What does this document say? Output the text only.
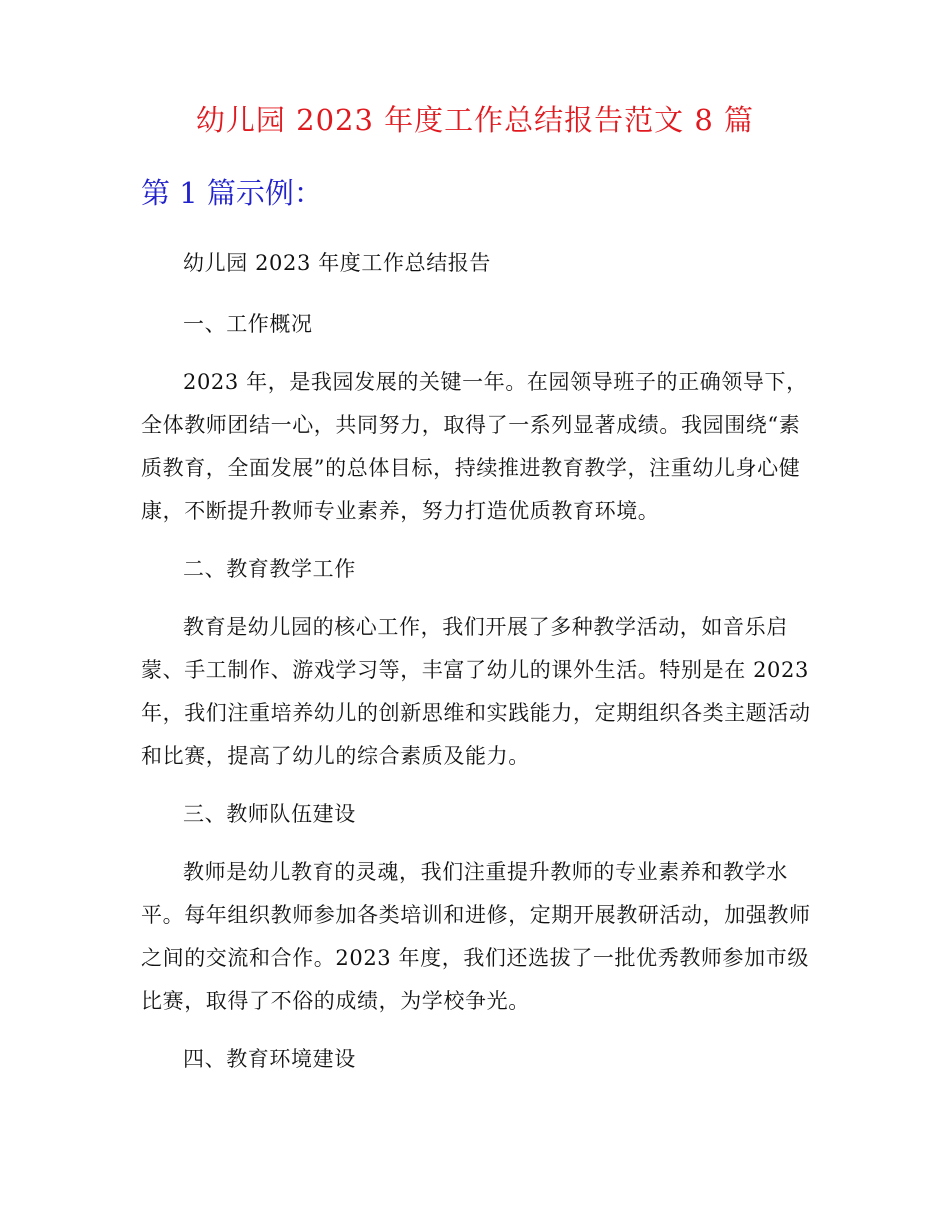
幼儿园 2023 年度工作总结报告范文 8 篇
第 1 篇示例：
幼儿园 2023 年度工作总结报告
一、工作概况
2023 年，是我园发展的关键一年。在园领导班子的正确领导下，全体教师团结一心，共同努力，取得了一系列显著成绩。我园围绕“素质教育，全面发展”的总体目标，持续推进教育教学，注重幼儿身心健康，不断提升教师专业素养，努力打造优质教育环境。
二、教育教学工作
教育是幼儿园的核心工作，我们开展了多种教学活动，如音乐启蒙、手工制作、游戏学习等，丰富了幼儿的课外生活。特别是在 2023 年，我们注重培养幼儿的创新思维和实践能力，定期组织各类主题活动和比赛，提高了幼儿的综合素质及能力。
三、教师队伍建设
教师是幼儿教育的灵魂，我们注重提升教师的专业素养和教学水平。每年组织教师参加各类培训和进修，定期开展教研活动，加强教师之间的交流和合作。2023 年度，我们还选拔了一批优秀教师参加市级比赛，取得了不俗的成绩，为学校争光。
四、教育环境建设
